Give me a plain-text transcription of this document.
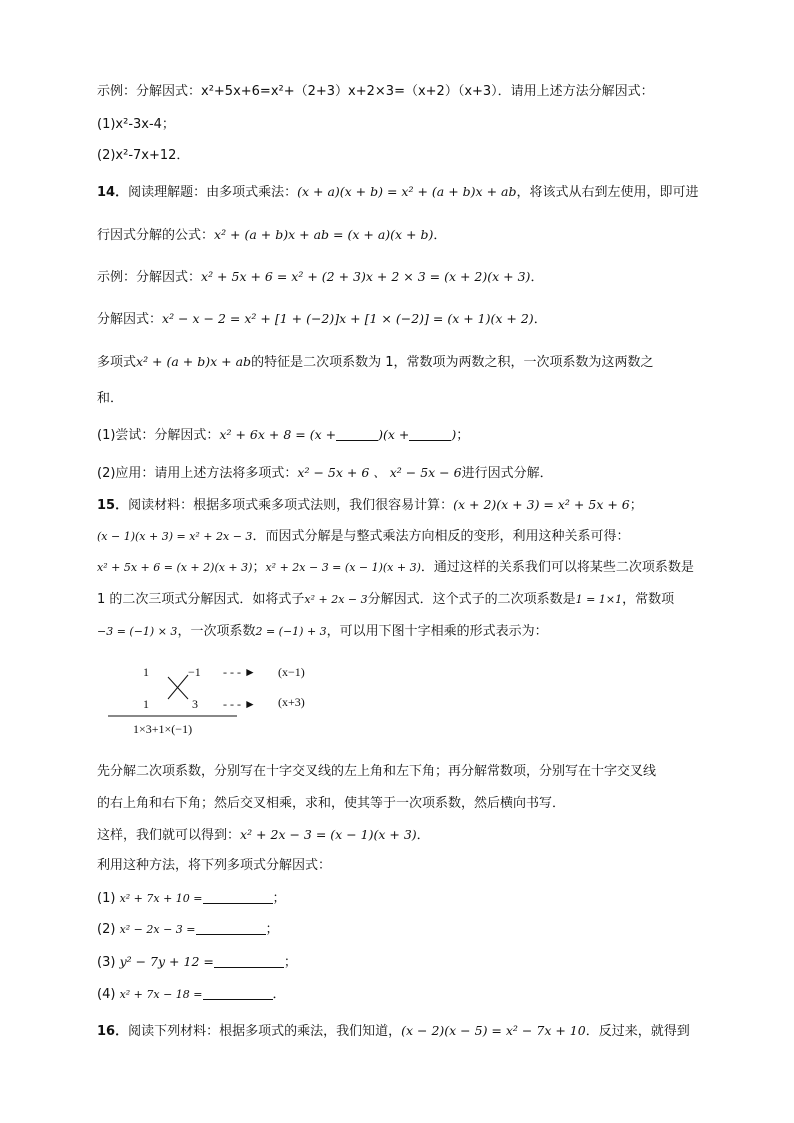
示例：分解因式：x²+5x+6=x²+（2+3）x+2×3=（x+2）（x+3）．请用上述方法分解因式：
(1)x²-3x-4；
(2)x²-7x+12．
14．阅读理解题：由多项式乘法：(x + a)(x + b) = x² + (a + b)x + ab，将该式从右到左使用，即可进
行因式分解的公式：x² + (a + b)x + ab = (x + a)(x + b)．
示例：分解因式：x² + 5x + 6 = x² + (2 + 3)x + 2 × 3 = (x + 2)(x + 3)．
分解因式：x² − x − 2 = x² + [1 + (−2)]x + [1 × (−2)] = (x + 1)(x + 2)．
多项式x² + (a + b)x + ab的特征是二次项系数为 1，常数项为两数之积，一次项系数为这两数之
和．
(1)尝试：分解因式：x² + 6x + 8 = (x +	)(x +	)；
(2)应用：请用上述方法将多项式：x² − 5x + 6 、 x² − 5x − 6进行因式分解．
15．阅读材料：根据多项式乘多项式法则，我们很容易计算：(x + 2)(x + 3) = x² + 5x + 6；
(x − 1)(x + 3) = x² + 2x − 3．而因式分解是与整式乘法方向相反的变形，利用这种关系可得：
x² + 5x + 6 = (x + 2)(x + 3)；x² + 2x − 3 = (x − 1)(x + 3)．通过这样的关系我们可以将某些二次项系数是
1 的二次三项式分解因式．如将式子x² + 2x − 3分解因式．这个式子的二次项系数是1 = 1×1，常数项
−3 = (−1) × 3，一次项系数2 = (−1) + 3，可以用下图十字相乘的形式表示为：
1	−1 - - - ► (x−1)
1	3 - - - ► (x+3)
1×3+1×(−1)
先分解二次项系数，分别写在十字交叉线的左上角和左下角；再分解常数项，分别写在十字交叉线
的右上角和右下角；然后交叉相乘，求和，使其等于一次项系数，然后横向书写．
这样，我们就可以得到：x² + 2x − 3 = (x − 1)(x + 3)．
利用这种方法，将下列多项式分解因式：
(1) x² + 7x + 10 =	；
(2) x² − 2x − 3 =	；
(3) y² − 7y + 12 =	；
(4) x² + 7x − 18 =	．
16．阅读下列材料：根据多项式的乘法，我们知道，(x − 2)(x − 5) = x² − 7x + 10．反过来，就得到
